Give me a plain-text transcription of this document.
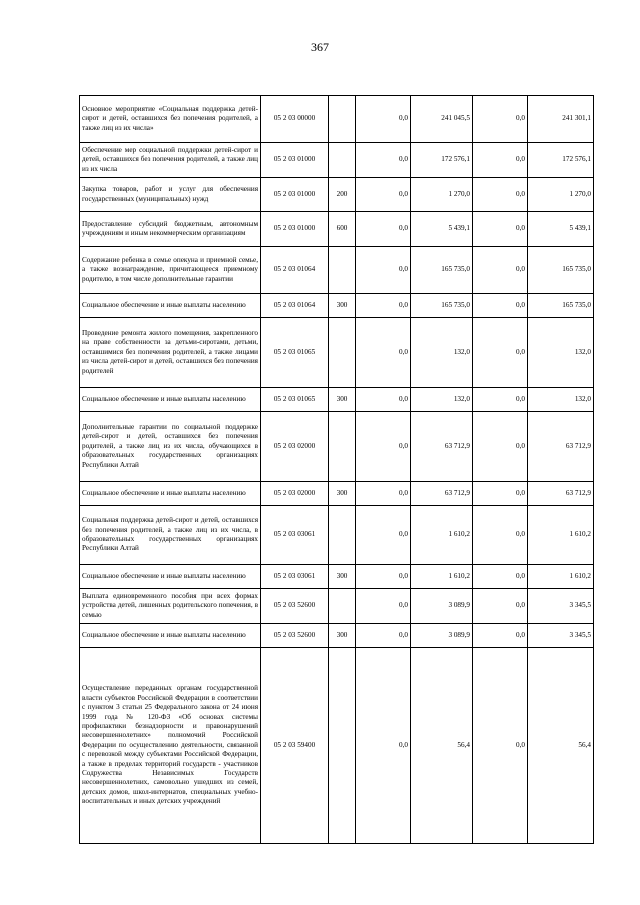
367
Основное мероприятие «Социальная поддержка детей-сирот и детей, оставшихся без попечения родителей, а также лиц из их числа»	05 2 03 00000		0,0	241 045,5	0,0	241 301,1
Обеспечение мер социальной поддержки детей-сирот и детей, оставшихся без попечения родителей, а также лиц из их числа	05 2 03 01000		0,0	172 576,1	0,0	172 576,1
Закупка товаров, работ и услуг для обеспечения государственных (муниципальных) нужд	05 2 03 01000	200	0,0	1 270,0	0,0	1 270,0
Предоставление субсидий бюджетным, автономным учреждениям и иным некоммерческим организациям	05 2 03 01000	600	0,0	5 439,1	0,0	5 439,1
Содержание ребенка в семье опекуна и приемной семье, а также вознаграждение, причитающееся приемному родителю, в том числе дополнительные гарантии	05 2 03 01064		0,0	165 735,0	0,0	165 735,0
Социальное обеспечение и иные выплаты населению	05 2 03 01064	300	0,0	165 735,0	0,0	165 735,0
Проведение ремонта жилого помещения, закрепленного на праве собственности за детьми-сиротами, детьми, оставшимися без попечения родителей, а также лицами из числа детей-сирот и детей, оставшихся без попечения родителей	05 2 03 01065		0,0	132,0	0,0	132,0
Социальное обеспечение и иные выплаты населению	05 2 03 01065	300	0,0	132,0	0,0	132,0
Дополнительные гарантии по социальной поддержке детей-сирот и детей, оставшихся без попечения родителей, а также лиц из их числа, обучающихся в образовательных государственных организациях Республики Алтай	05 2 03 02000		0,0	63 712,9	0,0	63 712,9
Социальное обеспечение и иные выплаты населению	05 2 03 02000	300	0,0	63 712,9	0,0	63 712,9
Социальная поддержка детей-сирот и детей, оставшихся без попечения родителей, а также лиц из их числа, в образовательных государственных организациях Республики Алтай	05 2 03 03061		0,0	1 610,2	0,0	1 610,2
Социальное обеспечение и иные выплаты населению	05 2 03 03061	300	0,0	1 610,2	0,0	1 610,2
Выплата единовременного пособия при всех формах устройства детей, лишенных родительского попечения, в семью	05 2 03 52600		0,0	3 089,9	0,0	3 345,5
Социальное обеспечение и иные выплаты населению	05 2 03 52600	300	0,0	3 089,9	0,0	3 345,5
Осуществление переданных органам государственной власти субъектов Российской Федерации в соответствии с пунктом 3 статьи 25 Федерального закона от 24 июня 1999 года № 120-ФЗ «Об основах системы профилактики безнадзорности и правонарушений несовершеннолетних» полномочий Российской Федерации по осуществлению деятельности, связанной с перевозкой между субъектами Российской Федерации, а также в пределах территорий государств - участников Содружества Независимых Государств несовершеннолетних, самовольно ушедших из семей, детских домов, школ-интернатов, специальных учебно-воспитательных и иных детских учреждений	05 2 03 59400		0,0	56,4	0,0	56,4
